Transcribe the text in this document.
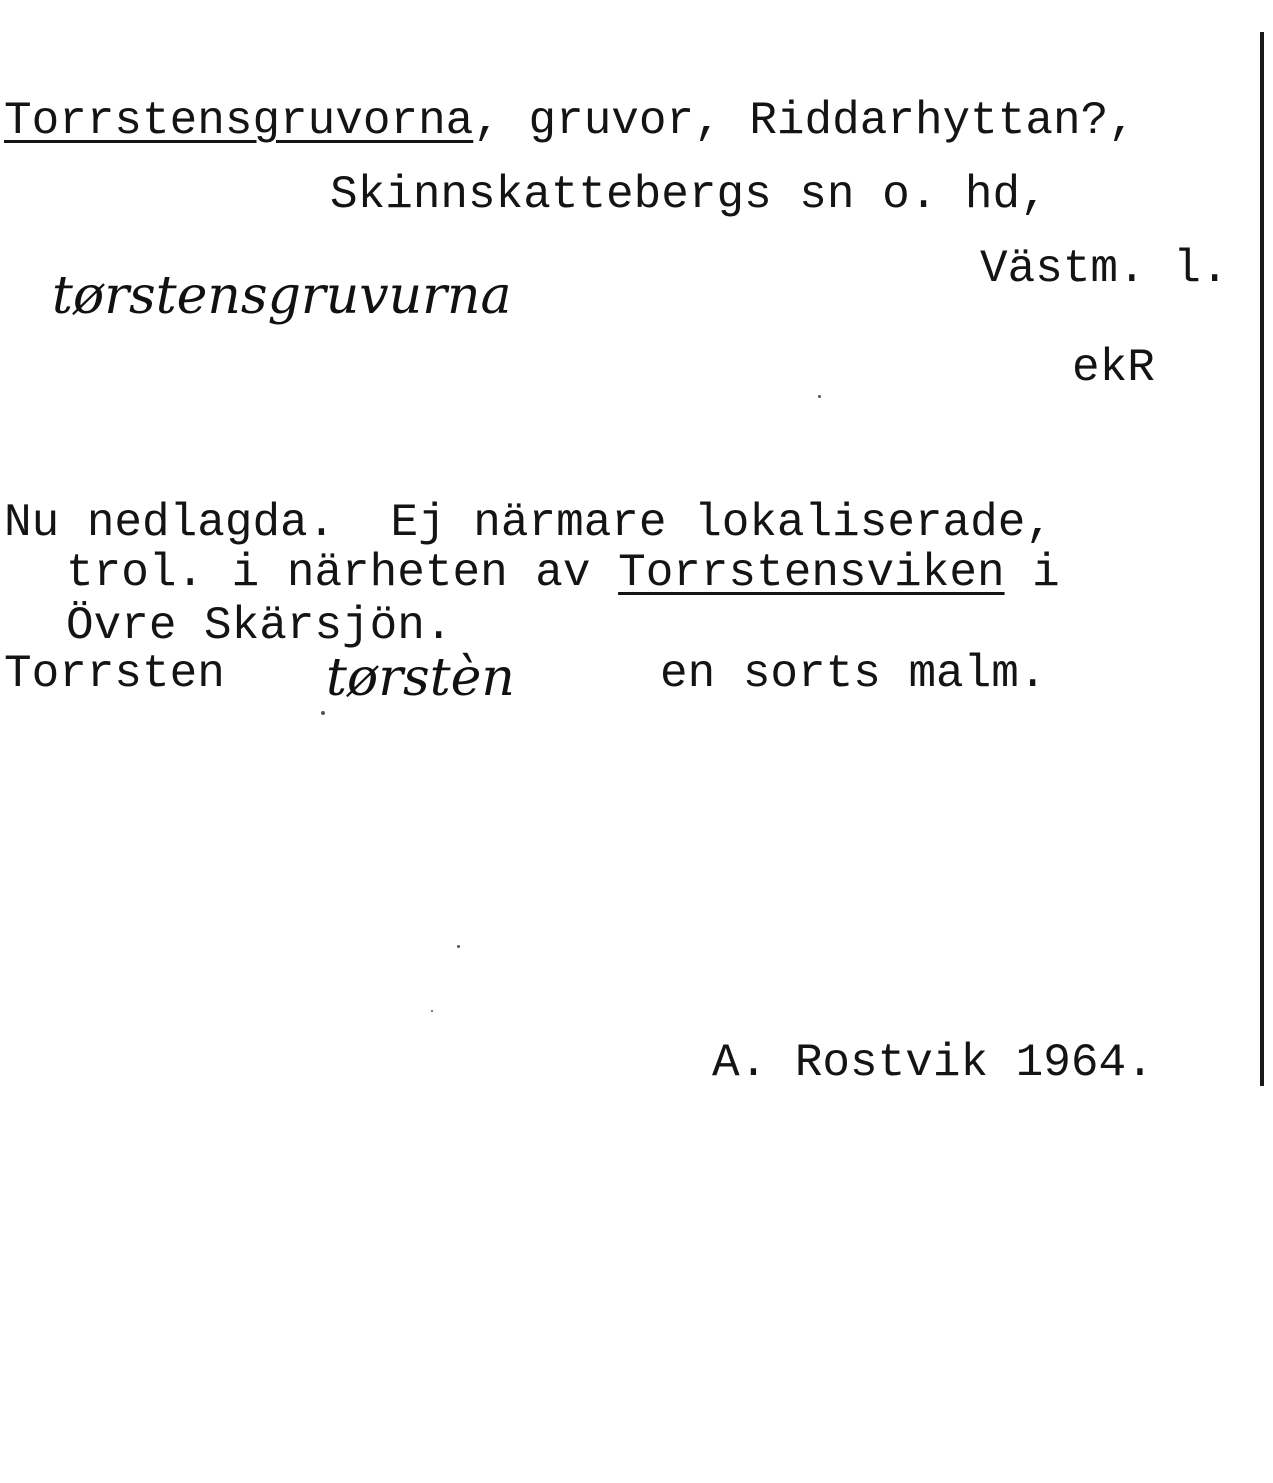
Torrstensgruvorna, gruvor, Riddarhyttan?,
Skinnskattebergs sn o. hd,
Västm. l.
tørstensgruvurna
ekR
Nu nedlagda.  Ej närmare lokaliserade,
trol. i närheten av Torrstensviken i
Övre Skärsjön.
Torrsten tørstèn	en sorts malm.
A. Rostvik 1964.
